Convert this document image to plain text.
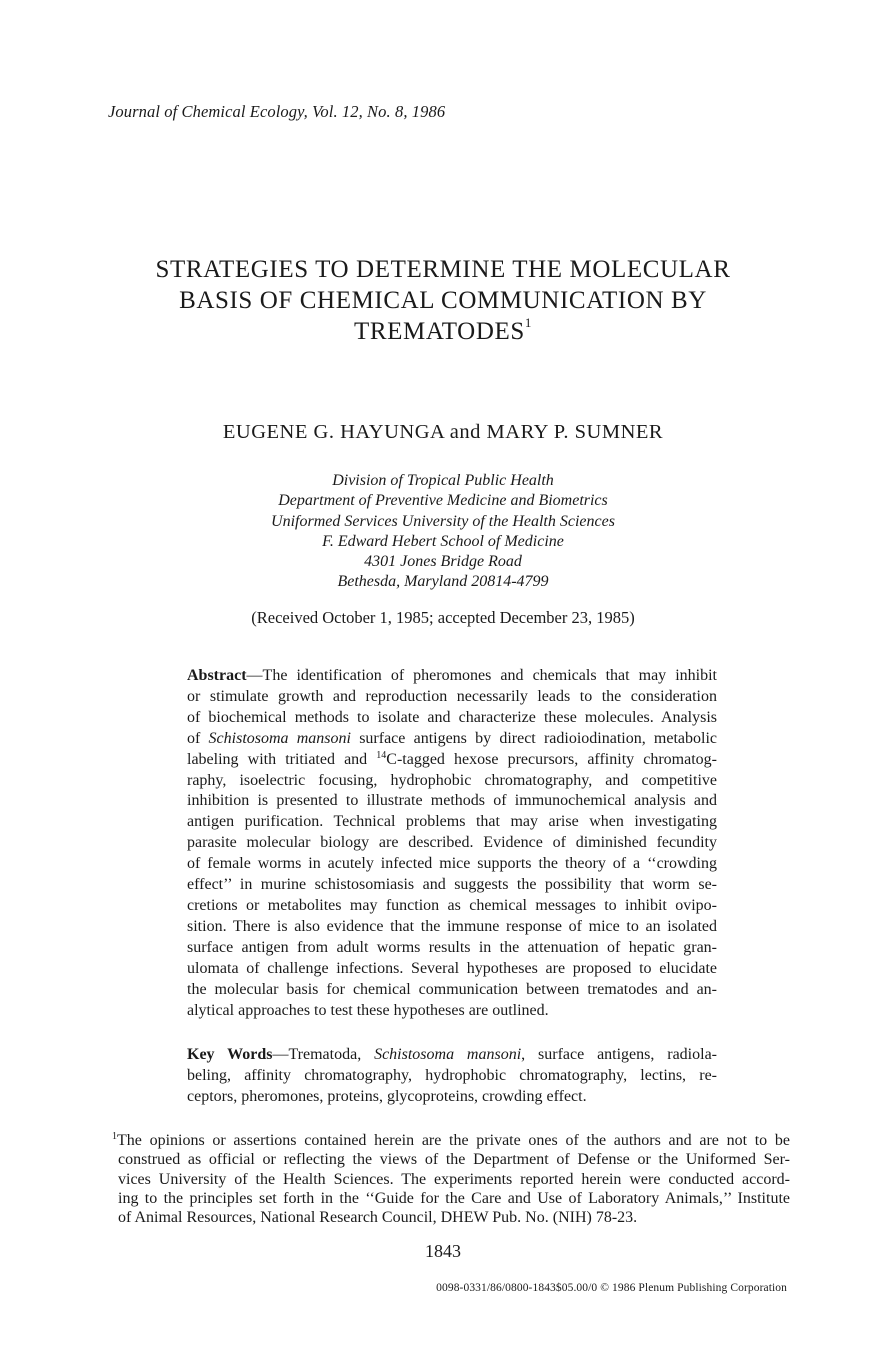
Journal of Chemical Ecology, Vol. 12, No. 8, 1986
STRATEGIES TO DETERMINE THE MOLECULAR
BASIS OF CHEMICAL COMMUNICATION BY
TREMATODES$^1$
EUGENE G. HAYUNGA and MARY P. SUMNER
Division of Tropical Public Health
Department of Preventive Medicine and Biometrics
Uniformed Services University of the Health Sciences
F. Edward Hebert School of Medicine
4301 Jones Bridge Road
Bethesda, Maryland 20814-4799
(Received October 1, 1985; accepted December 23, 1985)
Abstract—The identification of pheromones and chemicals that may inhibit
or stimulate growth and reproduction necessarily leads to the consideration
of biochemical methods to isolate and characterize these molecules. Analysis
of Schistosoma mansoni surface antigens by direct radioiodination, metabolic
labeling with tritiated and $^{14}$C-tagged hexose precursors, affinity chromatog-
raphy, isoelectric focusing, hydrophobic chromatography, and competitive
inhibition is presented to illustrate methods of immunochemical analysis and
antigen purification. Technical problems that may arise when investigating
parasite molecular biology are described. Evidence of diminished fecundity
of female worms in acutely infected mice supports the theory of a ‘‘crowding
effect’’ in murine schistosomiasis and suggests the possibility that worm se-
cretions or metabolites may function as chemical messages to inhibit ovipo-
sition. There is also evidence that the immune response of mice to an isolated
surface antigen from adult worms results in the attenuation of hepatic gran-
ulomata of challenge infections. Several hypotheses are proposed to elucidate
the molecular basis for chemical communication between trematodes and an-
alytical approaches to test these hypotheses are outlined.
Key Words—Trematoda, Schistosoma mansoni, surface antigens, radiola-
beling, affinity chromatography, hydrophobic chromatography, lectins, re-
ceptors, pheromones, proteins, glycoproteins, crowding effect.
$^1$The opinions or assertions contained herein are the private ones of the authors and are not to be
construed as official or reflecting the views of the Department of Defense or the Uniformed Ser-
vices University of the Health Sciences. The experiments reported herein were conducted accord-
ing to the principles set forth in the ‘‘Guide for the Care and Use of Laboratory Animals,’’ Institute
of Animal Resources, National Research Council, DHEW Pub. No. (NIH) 78-23.
1843
0098-0331/86/0800-1843$05.00/0 © 1986 Plenum Publishing Corporation
